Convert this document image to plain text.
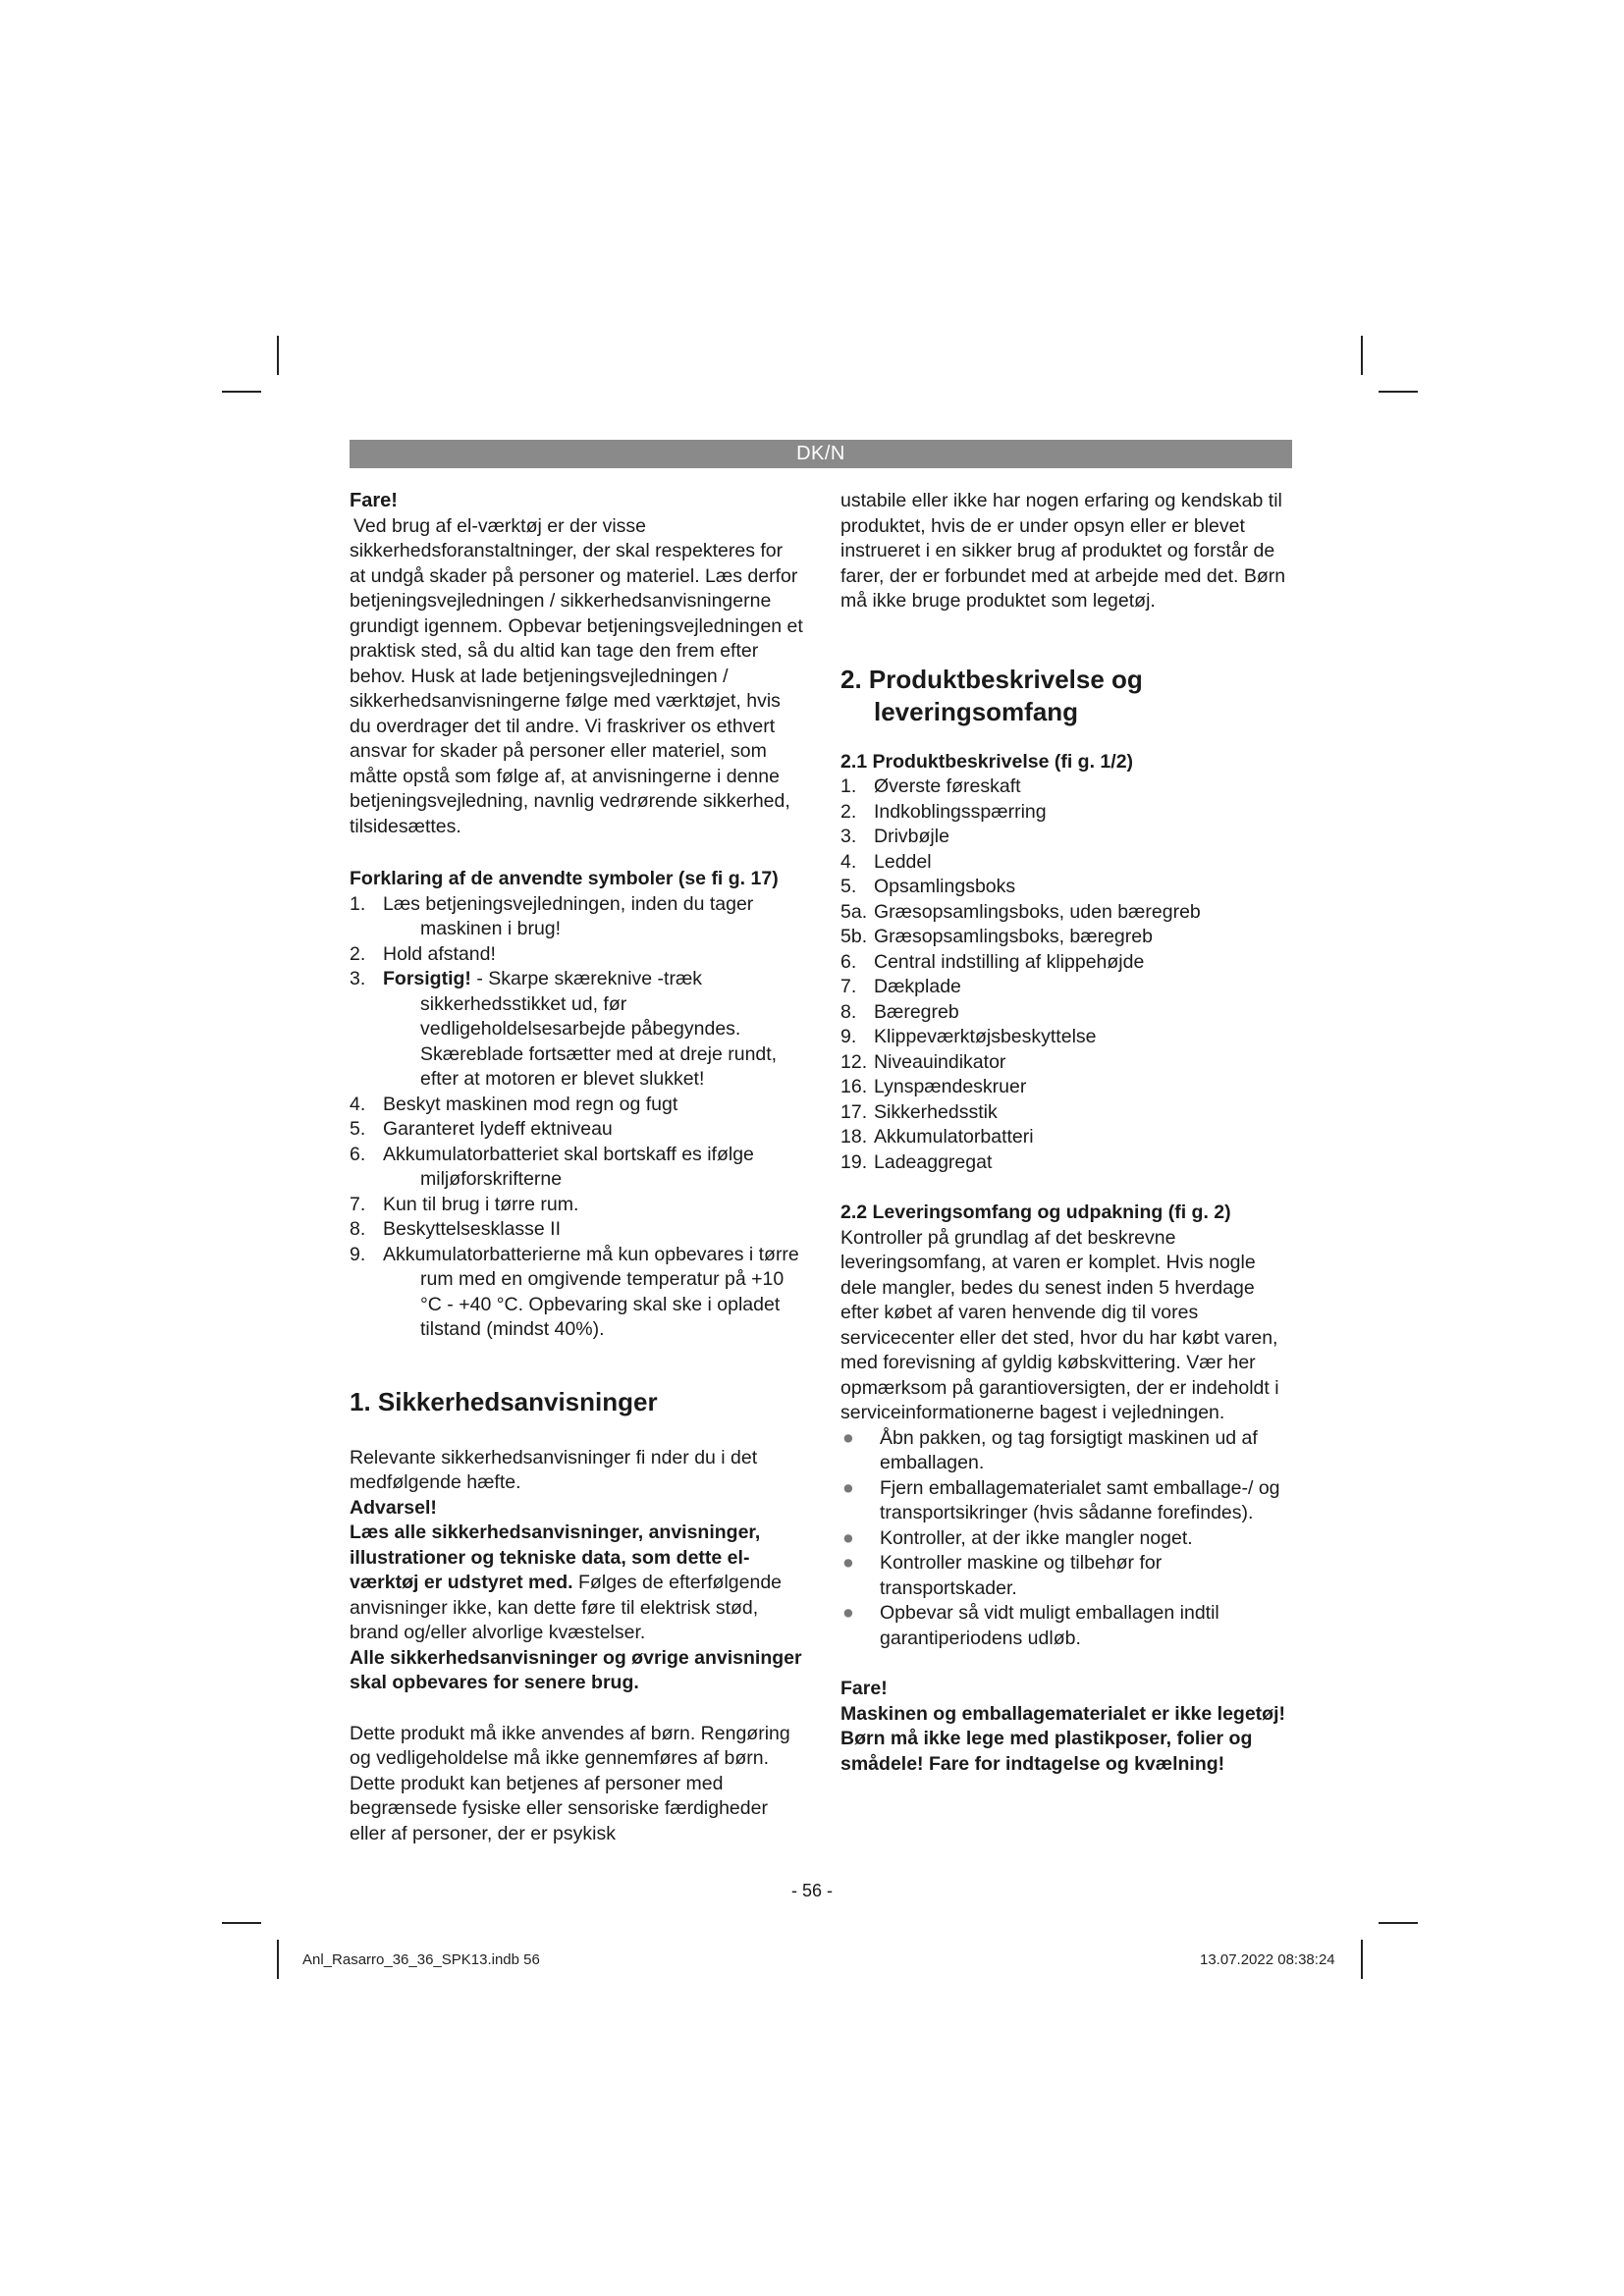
DK/N

Fare!

Ved brug af el-værktøj er der visse sikkerhedsforanstaltninger, der skal respekteres for at undgå skader på personer og materiel. Læs derfor betjeningsvejledningen / sikkerhedsanvisningerne grundigt igennem. Opbevar betjeningsvejledningen et praktisk sted, så du altid kan tage den frem efter behov. Husk at lade betjeningsvejledningen / sikkerhedsanvisningerne følge med værktøjet, hvis du overdrager det til andre. Vi fraskriver os ethvert ansvar for skader på personer eller materiel, som måtte opstå som følge af, at anvisningerne i denne betjeningsvejledning, navnlig vedrørende sikkerhed, tilsidesættes.

Forklaring af de anvendte symboler (se fi g. 17)

1. Læs betjeningsvejledningen, inden du tager maskinen i brug!
2. Hold afstand!
3. Forsigtig! - Skarpe skæreknive -træk sikkerhedsstikket ud, før vedligeholdelsesarbejde påbegyndes. Skæreblade fortsætter med at dreje rundt, efter at motoren er blevet slukket!
4. Beskyt maskinen mod regn og fugt
5. Garanteret lydeff ektniveau
6. Akkumulatorbatteriet skal bortskaff es ifølge miljøforskrifterne
7. Kun til brug i tørre rum.
8. Beskyttelsesklasse II
9. Akkumulatorbatterierne må kun opbevares i tørre rum med en omgivende temperatur på +10 °C - +40 °C. Opbevaring skal ske i opladet tilstand (mindst 40%).

1. Sikkerhedsanvisninger

Relevante sikkerhedsanvisninger fi nder du i det medfølgende hæfte.

Advarsel!

Læs alle sikkerhedsanvisninger, anvisninger, illustrationer og tekniske data, som dette el-værktøj er udstyret med. Følges de efterfølgende anvisninger ikke, kan dette føre til elektrisk stød, brand og/eller alvorlige kvæstelser.

Alle sikkerhedsanvisninger og øvrige anvisninger skal opbevares for senere brug.

Dette produkt må ikke anvendes af børn. Rengøring og vedligeholdelse må ikke gennemføres af børn. Dette produkt kan betjenes af personer med begrænsede fysiske eller sensoriske færdigheder eller af personer, der er psykisk

ustabile eller ikke har nogen erfaring og kendskab til produktet, hvis de er under opsyn eller er blevet instrueret i en sikker brug af produktet og forstår de farer, der er forbundet med at arbejde med det. Børn må ikke bruge produktet som legetøj.

2. Produktbeskrivelse og leveringsomfang

2.1 Produktbeskrivelse (fi g. 1/2)

1. Øverste føreskaft
2. Indkoblingsspærring
3. Drivbøjle
4. Leddel
5. Opsamlingsboks
5a. Græsopsamlingsboks, uden bæregreb
5b. Græsopsamlingsboks, bæregreb
6. Central indstilling af klippehøjde
7. Dækplade
8. Bæregreb
9. Klippeværktøjsbeskyttelse
12. Niveauindikator
16. Lynspændeskruer
17. Sikkerhedsstik
18. Akkumulatorbatteri
19. Ladeaggregat

2.2 Leveringsomfang og udpakning (fi g. 2)

Kontroller på grundlag af det beskrevne leveringsomfang, at varen er komplet. Hvis nogle dele mangler, bedes du senest inden 5 hverdage efter købet af varen henvende dig til vores servicecenter eller det sted, hvor du har købt varen, med forevisning af gyldig købskvittering. Vær her opmærksom på garantioversigten, der er indeholdt i serviceinformationerne bagest i vejledningen.

● Åbn pakken, og tag forsigtigt maskinen ud af emballagen.
● Fjern emballagematerialet samt emballage-/ og transportsikringer (hvis sådanne forefindes).
● Kontroller, at der ikke mangler noget.
● Kontroller maskine og tilbehør for transportskader.
● Opbevar så vidt muligt emballagen indtil garantiperiodens udløb.

Fare!

Maskinen og emballagematerialet er ikke legetøj! Børn må ikke lege med plastikposer, folier og smådele! Fare for indtagelse og kvælning!

- 56 -
Anl_Rasarro_36_36_SPK13.indb 56	13.07.2022 08:38:24
